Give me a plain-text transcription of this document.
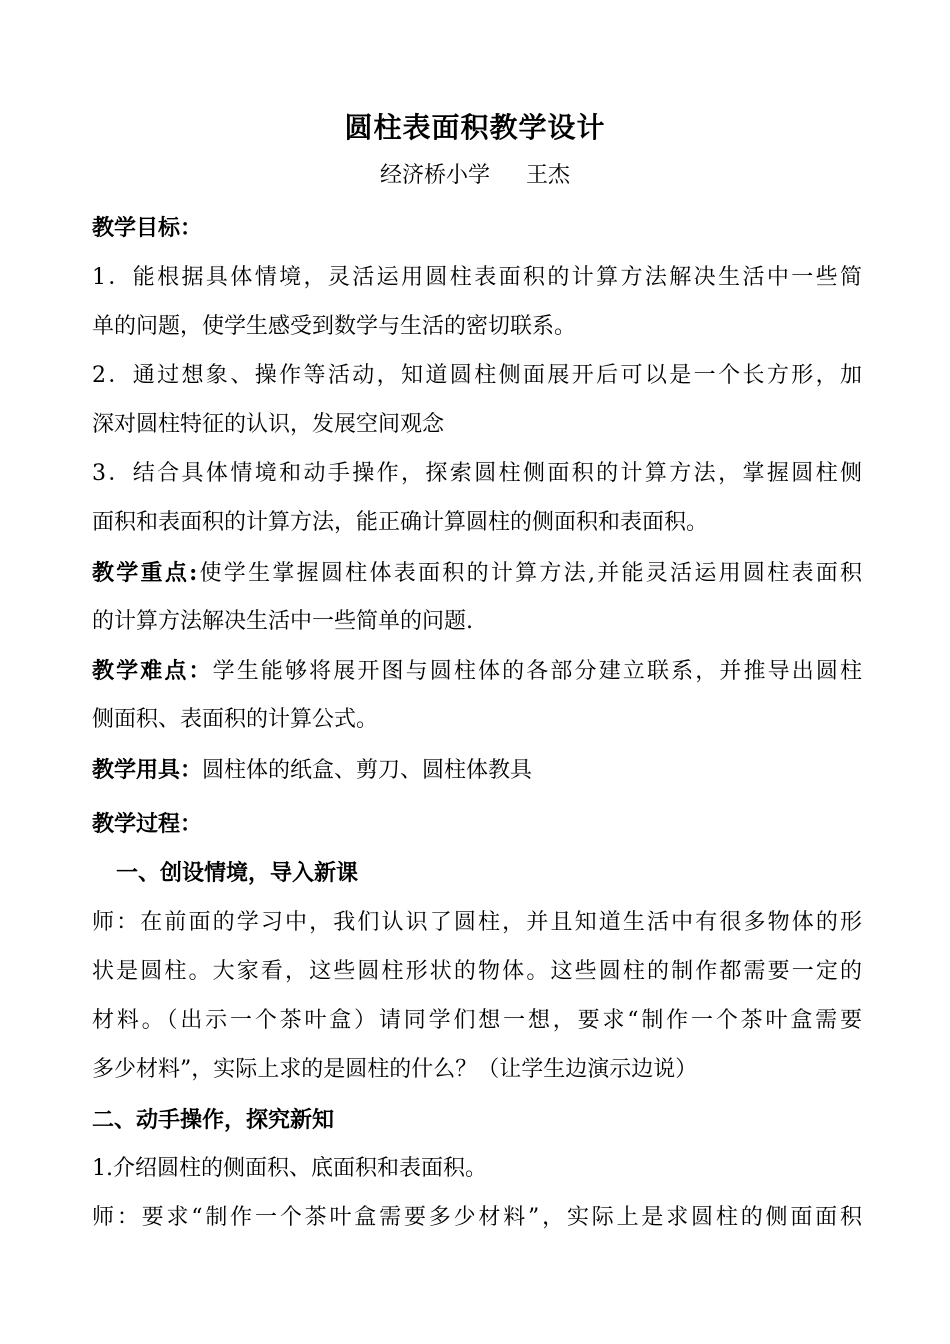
圆柱表面积教学设计
经济桥小学 王杰
教学目标：
1．能根据具体情境，灵活运用圆柱表面积的计算方法解决生活中一些简
单的问题，使学生感受到数学与生活的密切联系。
2．通过想象、操作等活动，知道圆柱侧面展开后可以是一个长方形，加
深对圆柱特征的认识，发展空间观念
3．结合具体情境和动手操作，探索圆柱侧面积的计算方法，掌握圆柱侧
面积和表面积的计算方法，能正确计算圆柱的侧面积和表面积。
教学重点:使学生掌握圆柱体表面积的计算方法,并能灵活运用圆柱表面积
的计算方法解决生活中一些简单的问题.
教学难点：学生能够将展开图与圆柱体的各部分建立联系，并推导出圆柱
侧面积、表面积的计算公式。
教学用具：圆柱体的纸盒、剪刀、圆柱体教具
教学过程：
一、创设情境，导入新课
师：在前面的学习中，我们认识了圆柱，并且知道生活中有很多物体的形
状是圆柱。大家看，这些圆柱形状的物体。这些圆柱的制作都需要一定的
材料。（出示一个茶叶盒）请同学们想一想，要求“制作一个茶叶盒需要
多少材料”，实际上求的是圆柱的什么？（让学生边演示边说）
二、动手操作，探究新知
1.介绍圆柱的侧面积、底面积和表面积。
师：要求“制作一个茶叶盒需要多少材料”，实际上是求圆柱的侧面面积
